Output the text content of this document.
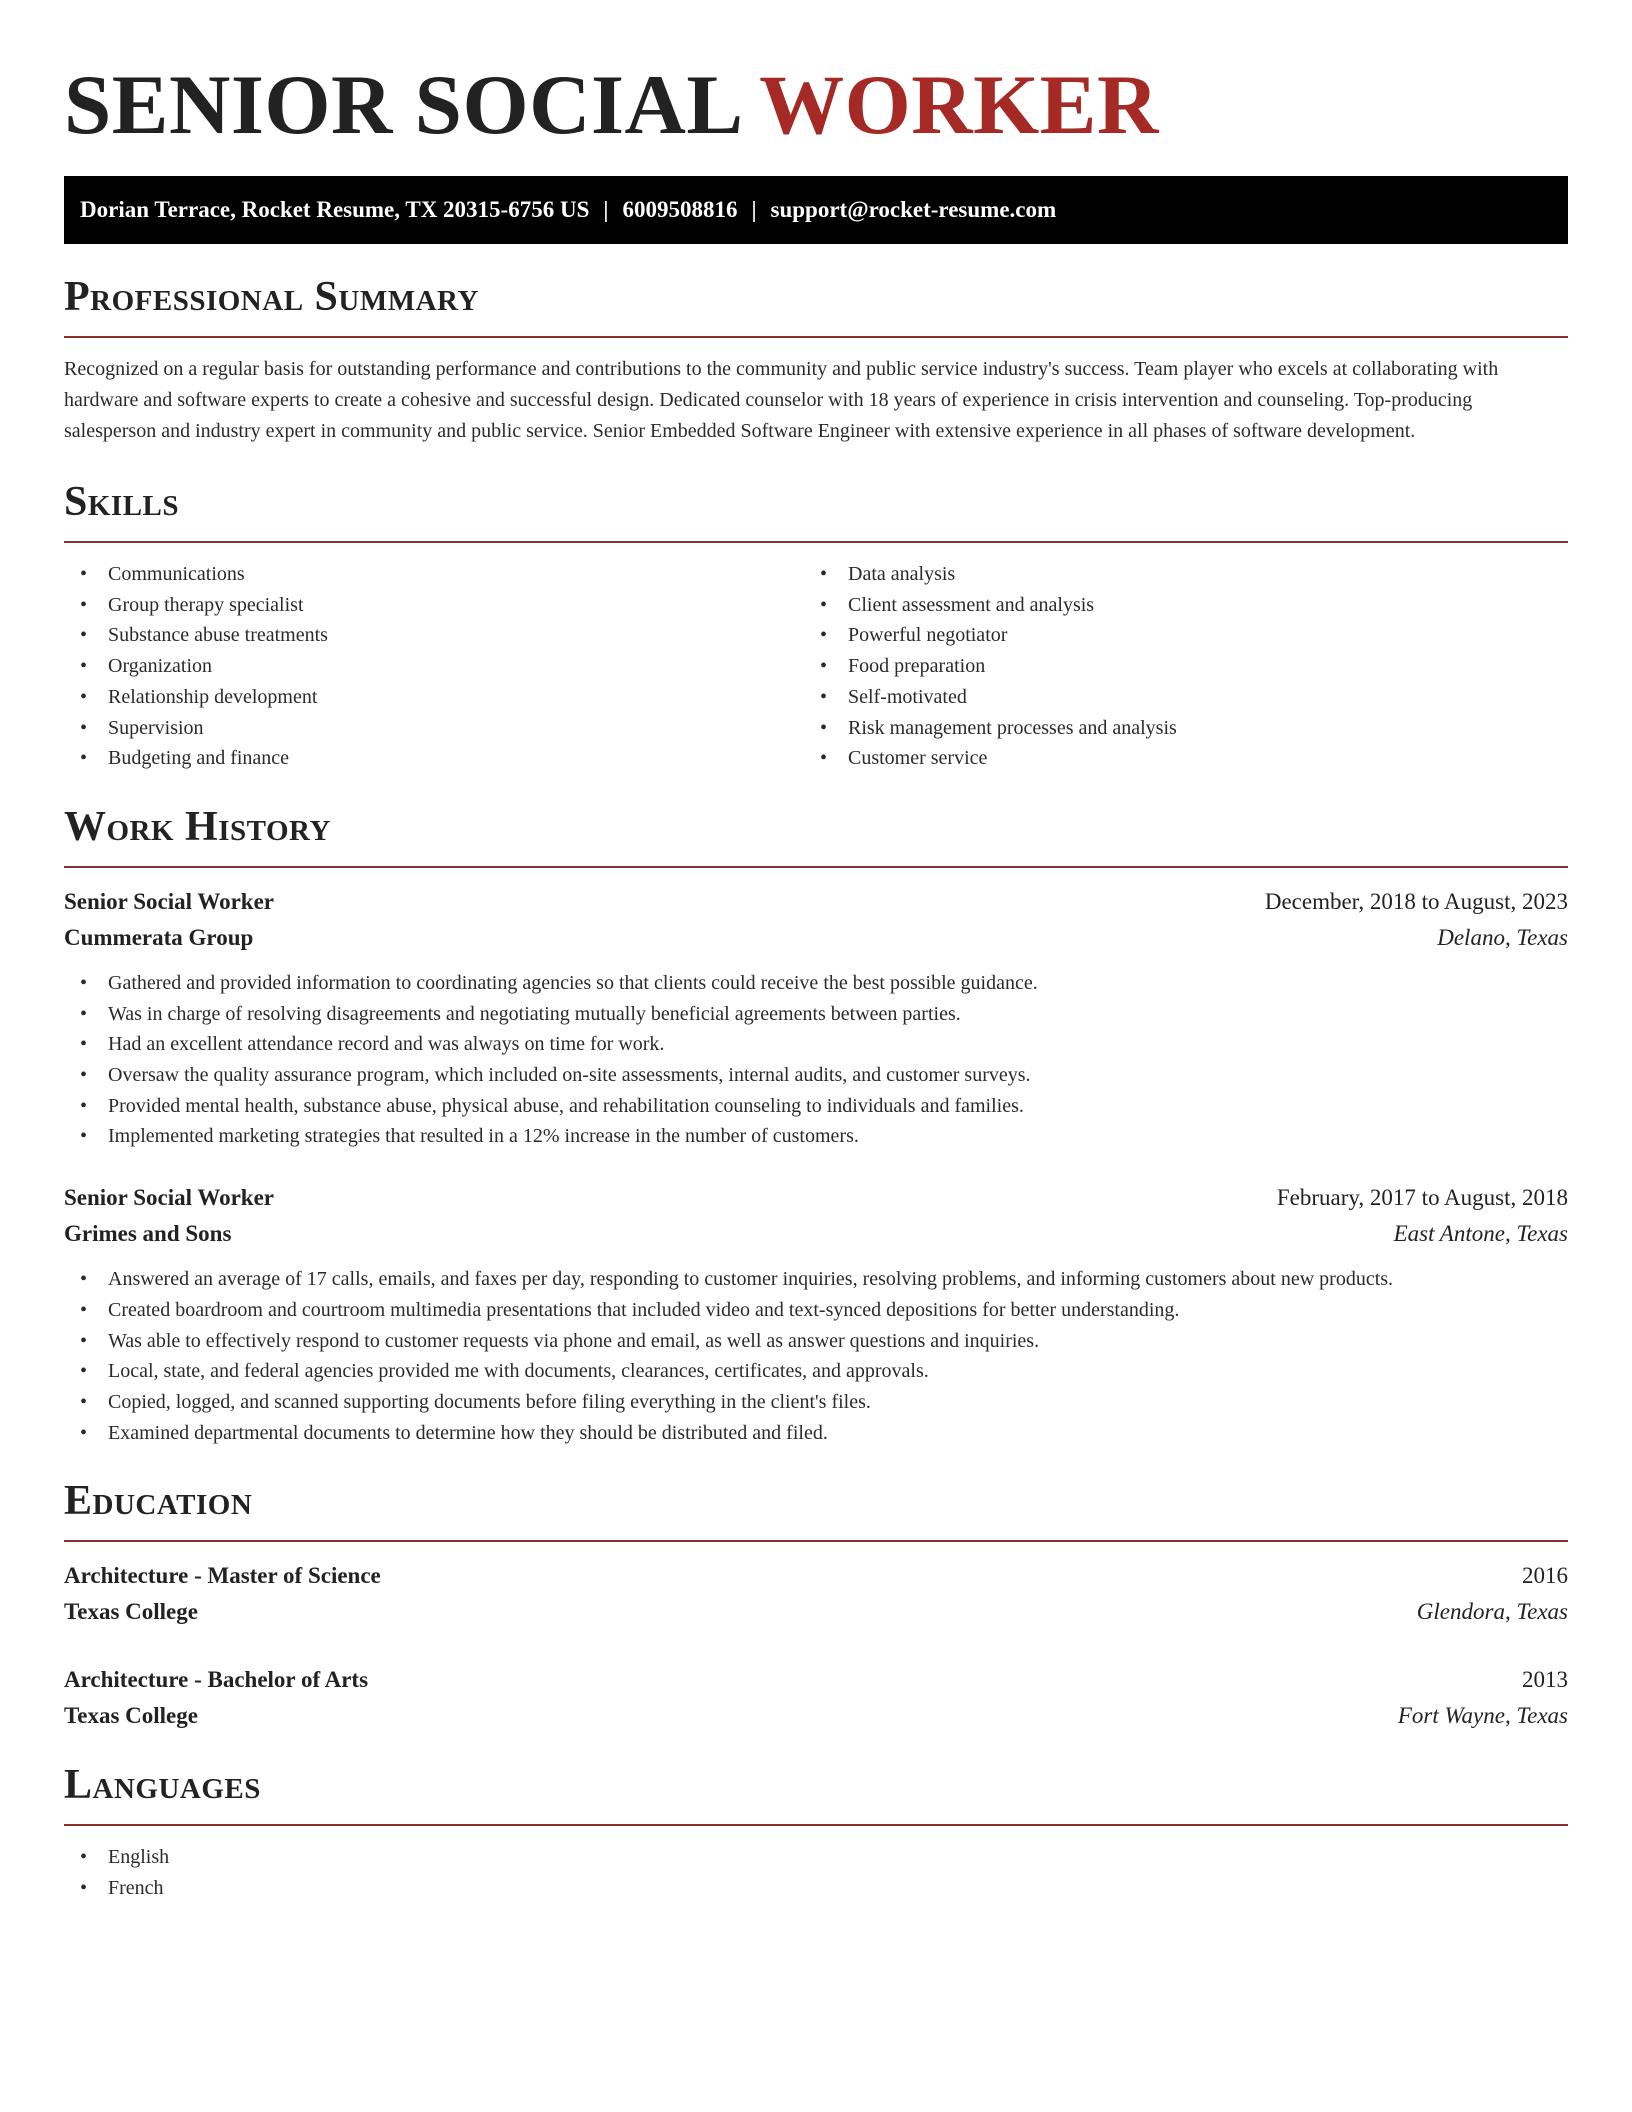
SENIOR SOCIAL WORKER
Dorian Terrace, Rocket Resume, TX 20315-6756 US | 6009508816 | support@rocket-resume.com
Professional Summary

Recognized on a regular basis for outstanding performance and contributions to the community and public service industry's success. Team player who excels at collaborating with hardware and software experts to create a cohesive and successful design. Dedicated counselor with 18 years of experience in crisis intervention and counseling. Top-producing salesperson and industry expert in community and public service. Senior Embedded Software Engineer with extensive experience in all phases of software development.

Skills
• Communications
• Group therapy specialist
• Substance abuse treatments
• Organization
• Relationship development
• Supervision
• Budgeting and finance
• Data analysis
• Client assessment and analysis
• Powerful negotiator
• Food preparation
• Self-motivated
• Risk management processes and analysis
• Customer service
Work History
Senior Social Worker	December, 2018 to August, 2023
Cummerata Group	Delano, Texas
• Gathered and provided information to coordinating agencies so that clients could receive the best possible guidance.
• Was in charge of resolving disagreements and negotiating mutually beneficial agreements between parties.
• Had an excellent attendance record and was always on time for work.
• Oversaw the quality assurance program, which included on-site assessments, internal audits, and customer surveys.
• Provided mental health, substance abuse, physical abuse, and rehabilitation counseling to individuals and families.
• Implemented marketing strategies that resulted in a 12% increase in the number of customers.
Senior Social Worker	February, 2017 to August, 2018
Grimes and Sons	East Antone, Texas
• Answered an average of 17 calls, emails, and faxes per day, responding to customer inquiries, resolving problems, and informing customers about new products.
• Created boardroom and courtroom multimedia presentations that included video and text-synced depositions for better understanding.
• Was able to effectively respond to customer requests via phone and email, as well as answer questions and inquiries.
• Local, state, and federal agencies provided me with documents, clearances, certificates, and approvals.
• Copied, logged, and scanned supporting documents before filing everything in the client's files.
• Examined departmental documents to determine how they should be distributed and filed.
Education
Architecture - Master of Science	2016
Texas College	Glendora, Texas
Architecture - Bachelor of Arts	2013
Texas College	Fort Wayne, Texas
Languages
• English
• French
